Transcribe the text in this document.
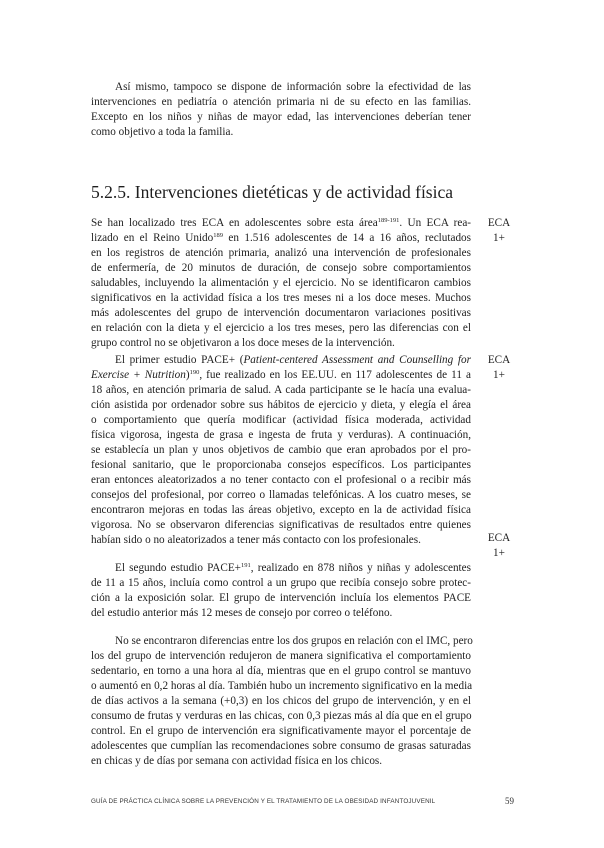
Así mismo, tampoco se dispone de información sobre la efectividad de las

intervenciones en pediatría o atención primaria ni de su efecto en las familias.

Excepto en los niños y niñas de mayor edad, las intervenciones deberían tener

como objetivo a toda la familia.

5.2.5. Intervenciones dietéticas y de actividad física

Se han localizado tres ECA en adolescentes sobre esta área$^{189-191}$. Un ECA rea-

lizado en el Reino Unido$^{189}$ en 1.516 adolescentes de 14 a 16 años, reclutados

en los registros de atención primaria, analizó una intervención de profesionales

de enfermería, de 20 minutos de duración, de consejo sobre comportamientos

saludables, incluyendo la alimentación y el ejercicio. No se identificaron cambios

significativos en la actividad física a los tres meses ni a los doce meses. Muchos

más adolescentes del grupo de intervención documentaron variaciones positivas

en relación con la dieta y el ejercicio a los tres meses, pero las diferencias con el

grupo control no se objetivaron a los doce meses de la intervención.

El primer estudio PACE+ (Patient-centered Assessment and Counselling for

Exercise + Nutrition)$^{190}$, fue realizado en los EE.UU. en 117 adolescentes de 11 a

18 años, en atención primaria de salud. A cada participante se le hacía una evalua-

ción asistida por ordenador sobre sus hábitos de ejercicio y dieta, y elegía el área

o comportamiento que quería modificar (actividad física moderada, actividad

física vigorosa, ingesta de grasa e ingesta de fruta y verduras). A continuación,

se establecía un plan y unos objetivos de cambio que eran aprobados por el pro-

fesional sanitario, que le proporcionaba consejos específicos. Los participantes

eran entonces aleatorizados a no tener contacto con el profesional o a recibir más

consejos del profesional, por correo o llamadas telefónicas. A los cuatro meses, se

encontraron mejoras en todas las áreas objetivo, excepto en la de actividad física

vigorosa. No se observaron diferencias significativas de resultados entre quienes

habían sido o no aleatorizados a tener más contacto con los profesionales.

El segundo estudio PACE+$^{191}$, realizado en 878 niños y niñas y adolescentes

de 11 a 15 años, incluía como control a un grupo que recibía consejo sobre protec-

ción a la exposición solar. El grupo de intervención incluía los elementos PACE

del estudio anterior más 12 meses de consejo por correo o teléfono.

No se encontraron diferencias entre los dos grupos en relación con el IMC, pero

los del grupo de intervención redujeron de manera significativa el comportamiento

sedentario, en torno a una hora al día, mientras que en el grupo control se mantuvo

o aumentó en 0,2 horas al día. También hubo un incremento significativo en la media

de días activos a la semana (+0,3) en los chicos del grupo de intervención, y en el

consumo de frutas y verduras en las chicas, con 0,3 piezas más al día que en el grupo

control. En el grupo de intervención era significativamente mayor el porcentaje de

adolescentes que cumplían las recomendaciones sobre consumo de grasas saturadas

en chicas y de días por semana con actividad física en los chicos.

ECA
1+
ECA
1+
ECA
1+
GUÍA DE PRÁCTICA CLÍNICA SOBRE LA PREVENCIÓN Y EL TRATAMIENTO DE LA OBESIDAD INFANTOJUVENIL	59
